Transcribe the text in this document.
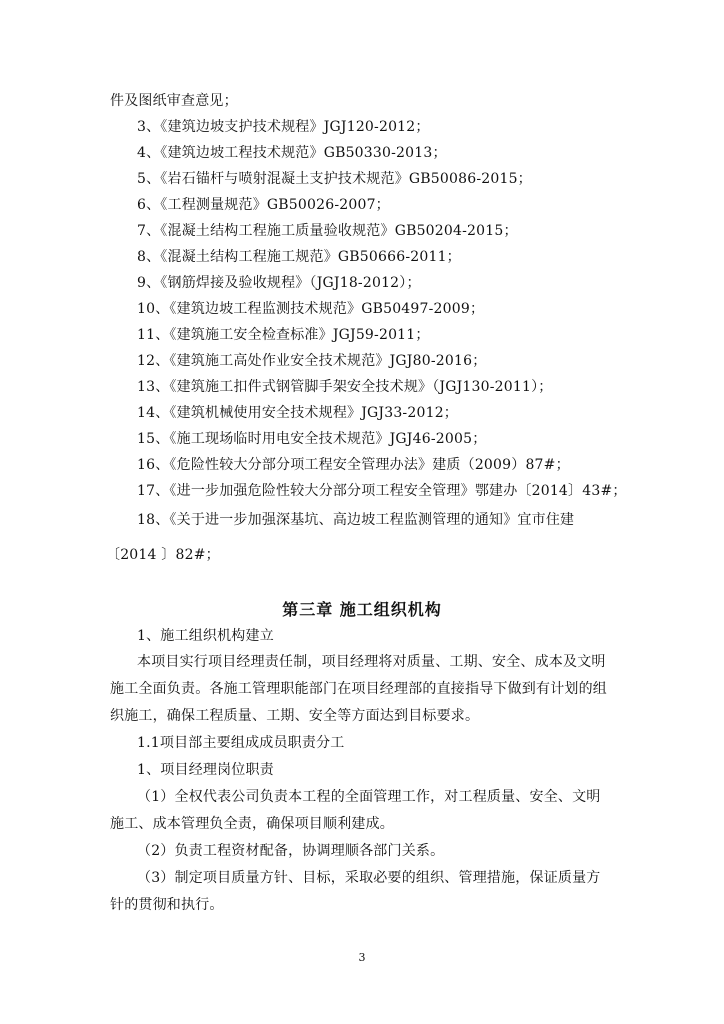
件及图纸审查意见；
3、《建筑边坡支护技术规程》JGJ120-2012；
4、《建筑边坡工程技术规范》GB50330-2013；
5、《岩石锚杆与喷射混凝土支护技术规范》GB50086-2015；
6、《工程测量规范》GB50026-2007；
7、《混凝土结构工程施工质量验收规范》GB50204-2015；
8、《混凝土结构工程施工规范》GB50666-2011；
9、《钢筋焊接及验收规程》（JGJ18-2012）；
10、《建筑边坡工程监测技术规范》GB50497-2009；
11、《建筑施工安全检查标准》JGJ59-2011；
12、《建筑施工高处作业安全技术规范》JGJ80-2016；
13、《建筑施工扣件式钢管脚手架安全技术规》（JGJ130-2011）；
14、《建筑机械使用安全技术规程》JGJ33-2012；
15、《施工现场临时用电安全技术规范》JGJ46-2005；
16、《危险性较大分部分项工程安全管理办法》建质（2009）87#；
17、《进一步加强危险性较大分部分项工程安全管理》鄂建办〔2014〕43#；
18、《关于进一步加强深基坑、高边坡工程监测管理的通知》宜市住建
〔2014 〕82#；
第三章 施工组织机构
1、施工组织机构建立
本项目实行项目经理责任制，项目经理将对质量、工期、安全、成本及文明
施工全面负责。各施工管理职能部门在项目经理部的直接指导下做到有计划的组
织施工，确保工程质量、工期、安全等方面达到目标要求。
1.1项目部主要组成成员职责分工
1、项目经理岗位职责
（1）全权代表公司负责本工程的全面管理工作，对工程质量、安全、文明
施工、成本管理负全责，确保项目顺利建成。
（2）负责工程资材配备，协调理顺各部门关系。
（3）制定项目质量方针、目标，采取必要的组织、管理措施，保证质量方
针的贯彻和执行。
3
